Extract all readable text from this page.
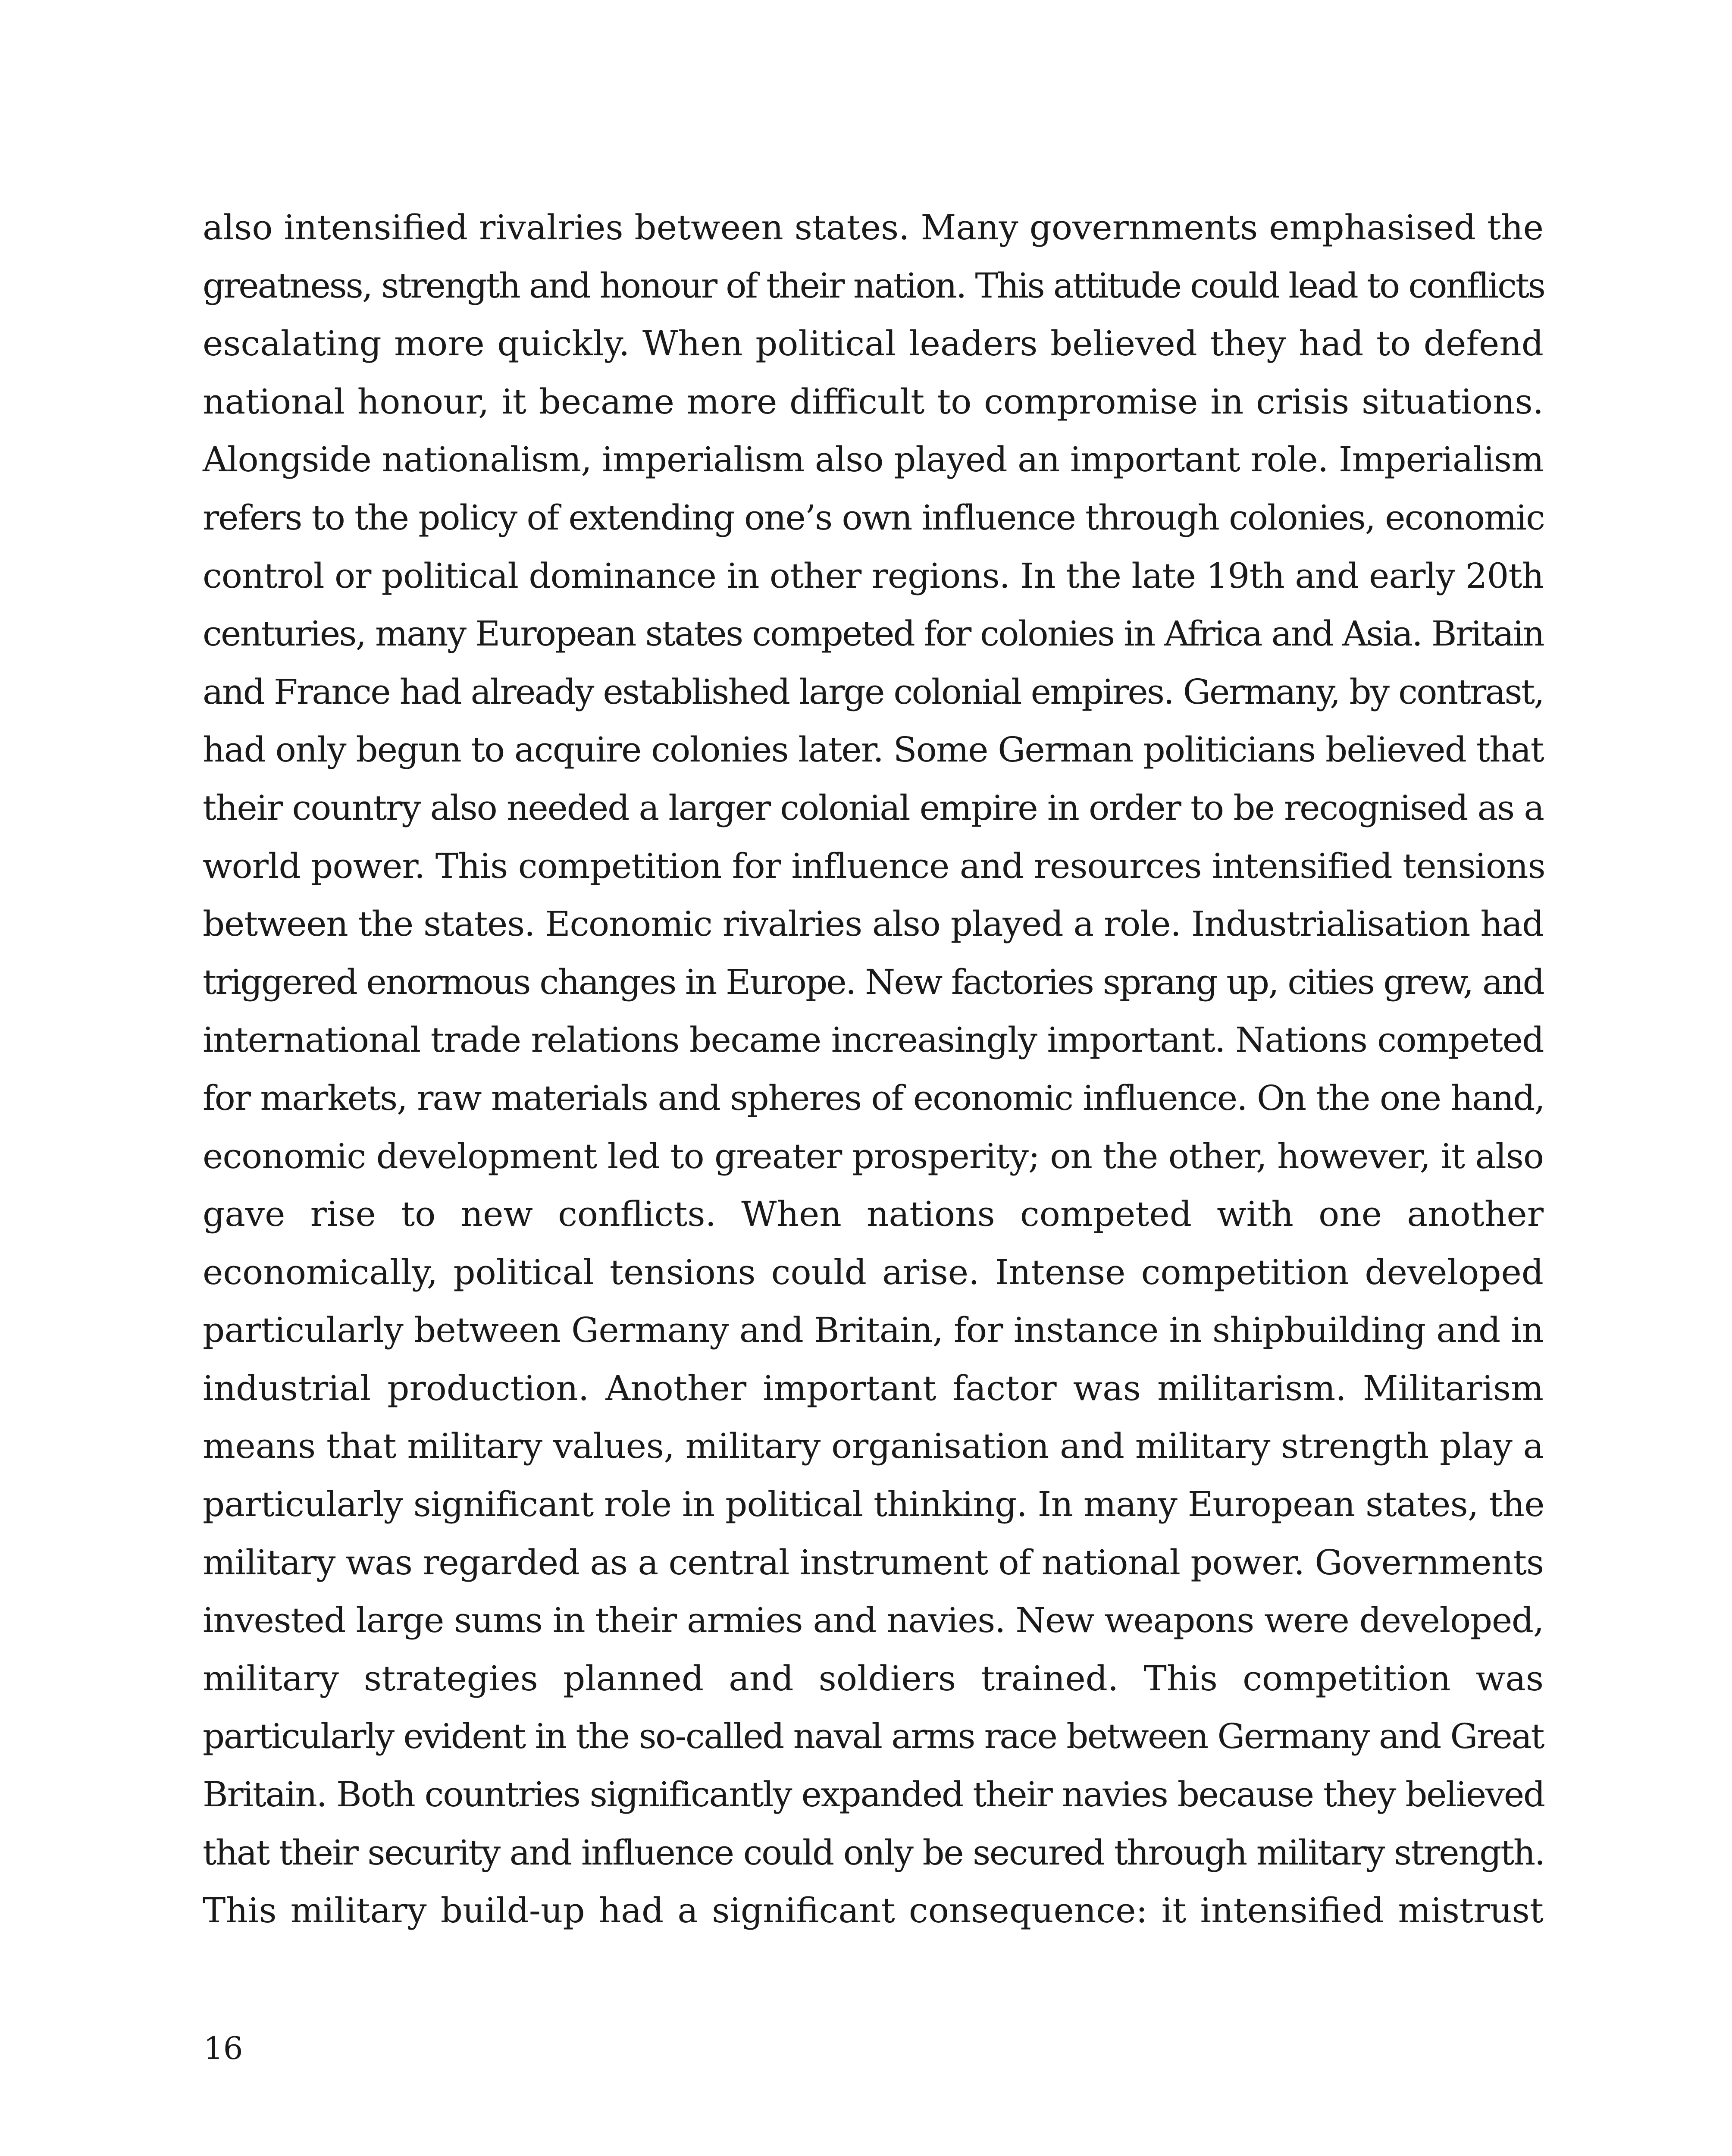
also intensified rivalries between states. Many governments emphasised the
greatness, strength and honour of their nation. This attitude could lead to conflicts
escalating more quickly. When political leaders believed they had to defend
national honour, it became more difficult to compromise in crisis situations.
Alongside nationalism, imperialism also played an important role. Imperialism
refers to the policy of extending one’s own influence through colonies, economic
control or political dominance in other regions. In the late 19th and early 20th
centuries, many European states competed for colonies in Africa and Asia. Britain
and France had already established large colonial empires. Germany, by contrast,
had only begun to acquire colonies later. Some German politicians believed that
their country also needed a larger colonial empire in order to be recognised as a
world power. This competition for influence and resources intensified tensions
between the states. Economic rivalries also played a role. Industrialisation had
triggered enormous changes in Europe. New factories sprang up, cities grew, and
international trade relations became increasingly important. Nations competed
for markets, raw materials and spheres of economic influence. On the one hand,
economic development led to greater prosperity; on the other, however, it also
gave rise to new conflicts. When nations competed with one another
economically, political tensions could arise. Intense competition developed
particularly between Germany and Britain, for instance in shipbuilding and in
industrial production. Another important factor was militarism. Militarism
means that military values, military organisation and military strength play a
particularly significant role in political thinking. In many European states, the
military was regarded as a central instrument of national power. Governments
invested large sums in their armies and navies. New weapons were developed,
military strategies planned and soldiers trained. This competition was
particularly evident in the so-called naval arms race between Germany and Great
Britain. Both countries significantly expanded their navies because they believed
that their security and influence could only be secured through military strength.
This military build-up had a significant consequence: it intensified mistrust

16
